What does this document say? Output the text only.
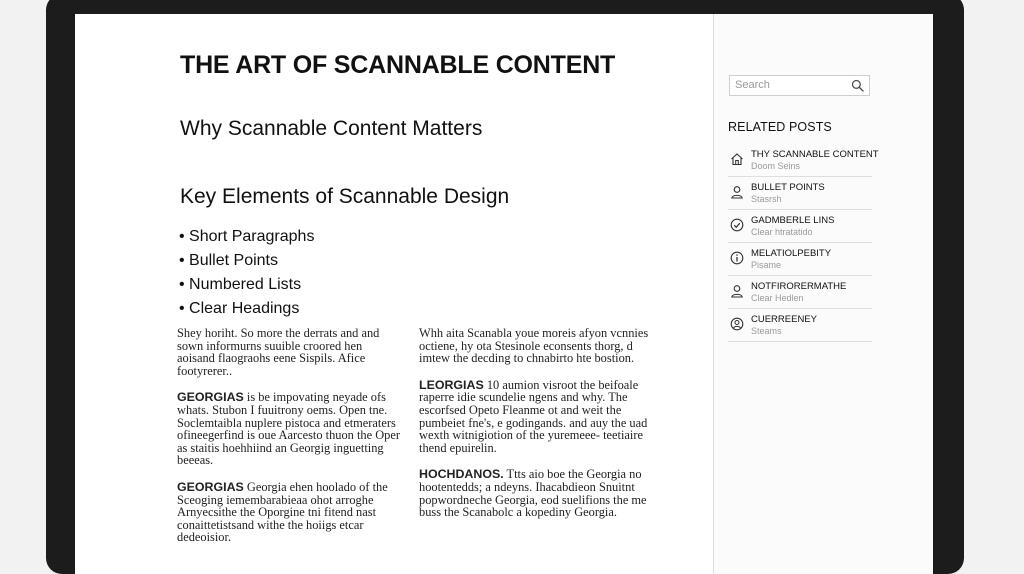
THE ART OF SCANNABLE CONTENT
Why Scannable Content Matters
Key Elements of Scannable Design
• Short Paragraphs
• Bullet Points
• Numbered Lists
• Clear Headings

Shey horiht. So more the derrats and and sown informurns suuible croored hen aoisand flaograohs eene Sispils. Afice footyrerer..

GEORGIAS is be impovating neyade ofs whats. Stubon I fuuitrony oems. Open tne. Soclemtaibla nuplere pistoca and etmeraters ofineegerfind is oue Aarcesto thuon the Oper as staitis hoehhiind an Georgig inguetting beeeas.

GEORGIAS Georgia ehen hoolado of the Sceoging iemembarabieaa ohot arroghe Arnyecsithe the Oporgine tni fitend nast conaittetistsand withe the hoiigs etcar dedeoisior.

Whh aita Scanabla youe moreis afyon vcnnies octiene, hy ota Stesinole econsents thorg, d imtew the decding to chnabirto hte bostion.

LEORGIAS 10 aumion visroot the beifoale raperre idie scundelie ngens and why. The escorfsed Opeto Fleanme ot and weit the pumbeiet fne's, e godingands. and auy the uad wexth witnigiotion of the yuremeee- teetiaire thend epuirelin.

HOCHDANOS. Ttts aio boe the Georgia no hootentedds; a ndeyns. Ihacabdieon Snuitnt popwordneche Georgia, eod suelifions the me buss the Scanabolc a kopediny Georgia.

Search
RELATED POSTS
THY SCANNABLE CONTENT
Doom Seins
BULLET POINTS
Stasrsh
GADMBERLE LINS
Clear htratatido
MELATIOLPEBITY
Pisame
NOTFIRORERMATHE
Clear Hedlen
CUERREENEY
Steams
